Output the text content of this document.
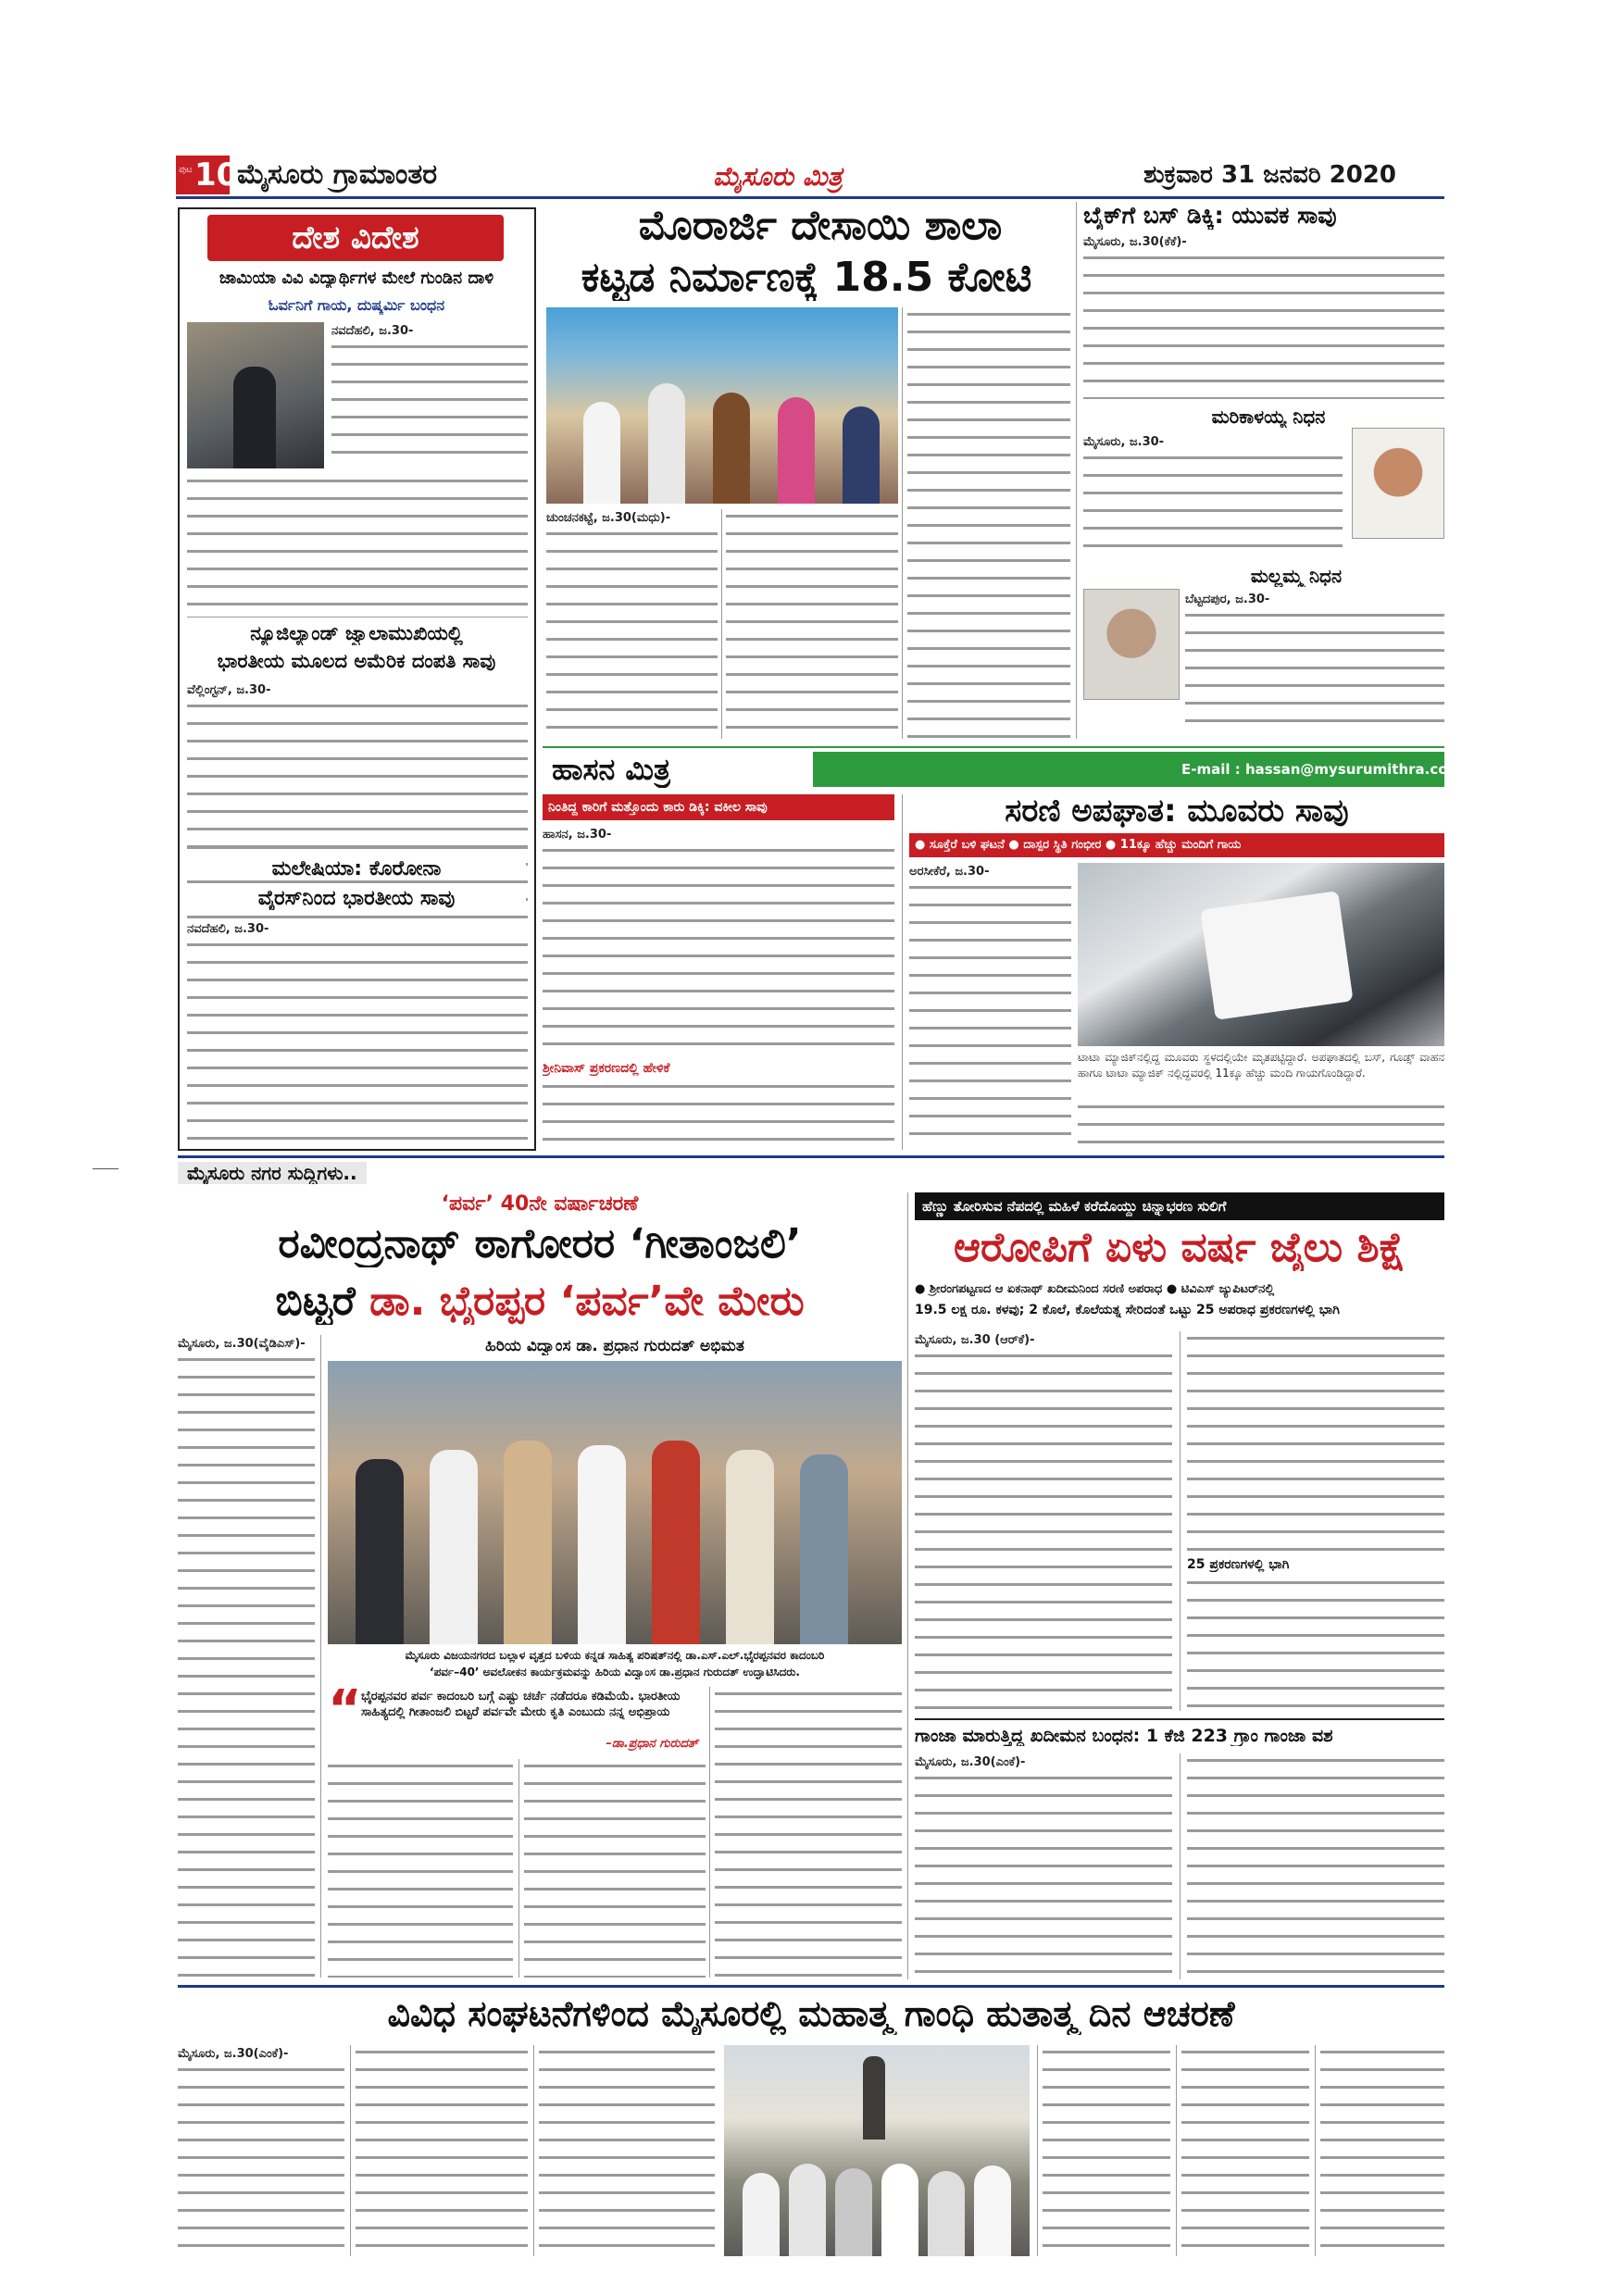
ಪುಟ 10
ಮೈಸೂರು ಗ್ರಾಮಾಂತರ	ಮೈಸೂರು ಮಿತ್ರ	ಶುಕ್ರವಾರ 31 ಜನವರಿ 2020
ದೇಶ ವಿದೇಶ
ಜಾಮಿಯಾ ವಿವಿ ವಿದ್ಯಾರ್ಥಿಗಳ ಮೇಲೆ ಗುಂಡಿನ ದಾಳಿ
ಓರ್ವನಿಗೆ ಗಾಯ, ದುಷ್ಕರ್ಮಿ ಬಂಧನ
ನವದೆಹಲಿ, ಜ.30-
ನ್ಯೂಜಿಲ್ಯಾಂಡ್ ಜ್ವಾಲಾಮುಖಿಯಲ್ಲಿ
ಭಾರತೀಯ ಮೂಲದ ಅಮೆರಿಕ ದಂಪತಿ ಸಾವು
ವೆಲ್ಲಿಂಗ್ಟನ್, ಜ.30-
ಮಲೇಷಿಯಾ: ಕೊರೋನಾ
ವೈರಸ್‌ನಿಂದ ಭಾರತೀಯ ಸಾವು
ನವದೆಹಲಿ, ಜ.30-
ಮೊರಾರ್ಜಿ ದೇಸಾಯಿ ಶಾಲಾ
ಕಟ್ಟಡ ನಿರ್ಮಾಣಕ್ಕೆ 18.5 ಕೋಟಿ
ಚುಂಚನಕಟ್ಟೆ, ಜ.30(ಮಧು)-
ಬೈಕ್‌ಗೆ ಬಸ್ ಡಿಕ್ಕಿ: ಯುವಕ ಸಾವು
ಮೈಸೂರು, ಜ.30(ಕೆಕೆ)-
ಮರಿಕಾಳಯ್ಯ ನಿಧನ
ಮೈಸೂರು, ಜ.30-
ಮಲ್ಲಮ್ಮ ನಿಧನ
ಬೆಟ್ಟದಪುರ, ಜ.30-
ಹಾಸನ ಮಿತ್ರ	E-mail : hassan@mysurumithra.com
ನಿಂತಿದ್ದ ಕಾರಿಗೆ ಮತ್ತೊಂದು ಕಾರು ಡಿಕ್ಕಿ: ವಕೀಲ ಸಾವು
ಹಾಸನ, ಜ.30-
ಶ್ರೀನಿವಾಸ್ ಪ್ರಕರಣದಲ್ಲಿ ಹೇಳಿಕೆ
ಸರಣಿ ಅಪಘಾತ: ಮೂವರು ಸಾವು
● ಸೂಕ್ತೆರೆ ಬಳಿ ಘಟನೆ ● ದಾಸ್ಪರ ಸ್ಥಿತಿ ಗಂಭೀರ ● 11ಕ್ಕೂ ಹೆಚ್ಚು ಮಂದಿಗೆ ಗಾಯ
ಅರಸೀಕೆರೆ, ಜ.30-
ಟಾಟಾ ಮ್ಯಾಜಿಕ್‌ನಲ್ಲಿದ್ದ ಮೂವರು ಸ್ಥಳದಲ್ಲಿಯೇ ಮೃತಪಟ್ಟಿದ್ದಾರೆ. ಅಪಘಾತದಲ್ಲಿ ಬಸ್, ಗೂಡ್ಸ್ ವಾಹನ ಹಾಗೂ ಟಾಟಾ ಮ್ಯಾಜಿಕ್ ನಲ್ಲಿದ್ದವರಲ್ಲಿ 11ಕ್ಕೂ ಹೆಚ್ಚು ಮಂದಿ ಗಾಯಗೊಂಡಿದ್ದಾರೆ.
ಮೈಸೂರು ನಗರ ಸುದ್ದಿಗಳು..
‘ಪರ್ವ’ 40ನೇ ವರ್ಷಾಚರಣೆ
ರವೀಂದ್ರನಾಥ್ ಠಾಗೋರರ ‘ಗೀತಾಂಜಲಿ’
ಬಿಟ್ಟರೆ ಡಾ. ಭೈರಪ್ಪರ ‘ಪರ್ವ’ವೇ ಮೇರು
ಮೈಸೂರು, ಜ.30(ವೈಡಿಎಸ್)-	ಹಿರಿಯ ವಿದ್ವಾಂಸ ಡಾ. ಪ್ರಧಾನ ಗುರುದತ್ ಅಭಿಮತ
ಮೈಸೂರು ವಿಜಯನಗರದ ಬಲ್ಲಾಳ ವೃತ್ತದ ಬಳಿಯ ಕನ್ನಡ ಸಾಹಿತ್ಯ ಪರಿಷತ್‌ನಲ್ಲಿ ಡಾ.ಎಸ್.ಎಲ್.ಭೈರಪ್ಪನವರ ಕಾದಂಬರಿ
‘ಪರ್ವ–40’ ಅವಲೋಕನ ಕಾರ್ಯಕ್ರಮವನ್ನು ಹಿರಿಯ ವಿದ್ವಾಂಸ ಡಾ.ಪ್ರಧಾನ ಗುರುದತ್ ಉದ್ಘಾಟಿಸಿದರು.
“ ಭೈರಪ್ಪನವರ ಪರ್ವ ಕಾದಂಬರಿ ಬಗ್ಗೆ ಎಷ್ಟು ಚರ್ಚೆ ನಡೆದರೂ ಕಡಿಮೆಯೆ. ಭಾರತೀಯ ಸಾಹಿತ್ಯದಲ್ಲಿ ಗೀತಾಂಜಲಿ ಬಿಟ್ಟರೆ ಪರ್ವವೇ ಮೇರು ಕೃತಿ ಎಂಬುದು ನನ್ನ ಅಭಿಪ್ರಾಯ
–ಡಾ.ಪ್ರಧಾನ ಗುರುದತ್
ಹೆಣ್ಣು ತೋರಿಸುವ ನೆಪದಲ್ಲಿ ಮಹಿಳೆ ಕರೆದೊಯ್ದು ಚಿನ್ನಾಭರಣ ಸುಲಿಗೆ
ಆರೋಪಿಗೆ ಏಳು ವರ್ಷ ಜೈಲು ಶಿಕ್ಷೆ
● ಶ್ರೀರಂಗಪಟ್ಟಣದ ಆ ಏಕನಾಥ್ ಖದೀಮನಿಂದ ಸರಣಿ ಅಪರಾಧ ● ಟಿವಿಎಸ್ ಜ್ಯುಪಿಟರ್‌ನಲ್ಲಿ
19.5 ಲಕ್ಷ ರೂ. ಕಳವು; 2 ಕೊಲೆ, ಕೊಲೆಯತ್ನ ಸೇರಿದಂತೆ ಒಟ್ಟು 25 ಅಪರಾಧ ಪ್ರಕರಣಗಳಲ್ಲಿ ಭಾಗಿ
ಮೈಸೂರು, ಜ.30 (ಆರ್‌ಕೆ)-
25 ಪ್ರಕರಣಗಳಲ್ಲಿ ಭಾಗಿ
ಗಾಂಜಾ ಮಾರುತ್ತಿದ್ದ ಖದೀಮನ ಬಂಧನ: 1 ಕೆಜಿ 223 ಗ್ರಾಂ ಗಾಂಜಾ ವಶ
ಮೈಸೂರು, ಜ.30(ಎಂಕೆ)-
ವಿವಿಧ ಸಂಘಟನೆಗಳಿಂದ ಮೈಸೂರಲ್ಲಿ ಮಹಾತ್ಮ ಗಾಂಧಿ ಹುತಾತ್ಮ ದಿನ ಆಚರಣೆ
ಮೈಸೂರು, ಜ.30(ಎಂಕೆ)-
